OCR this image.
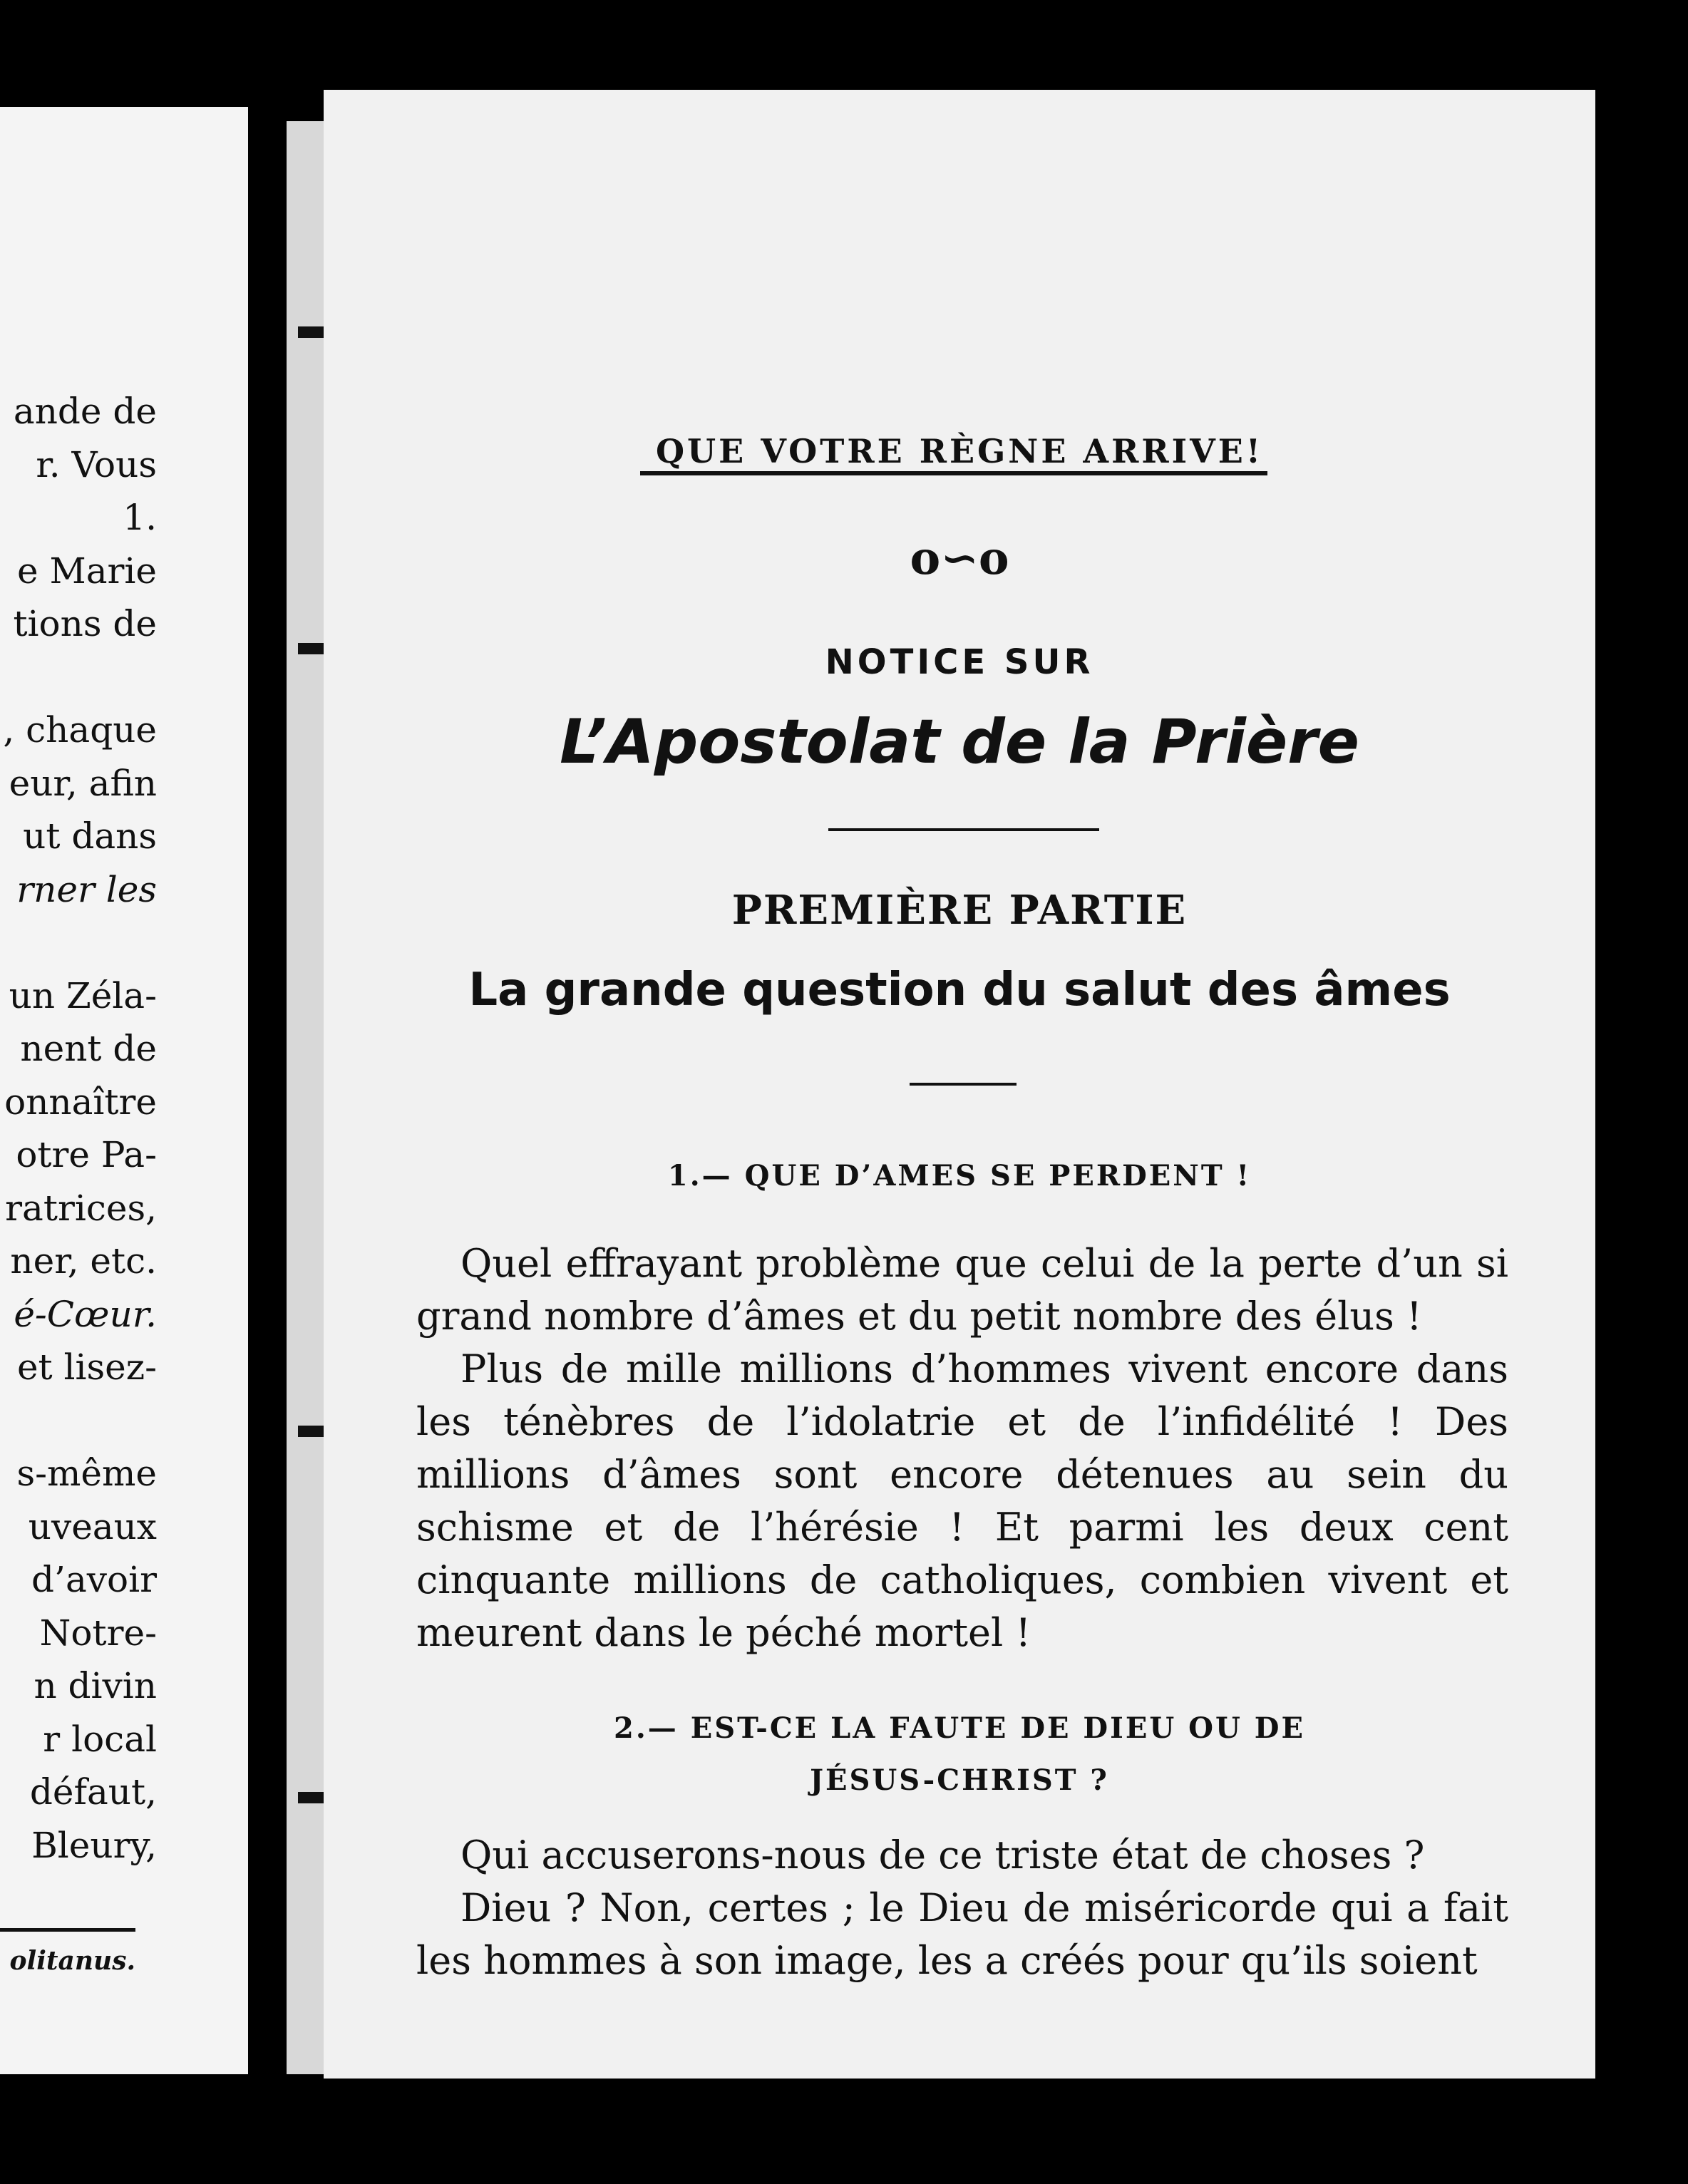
ande de
r. Vous
1.
e Marie
tions de
, chaque
eur, afin
ut dans
rner les
un Zéla-
nent de
onnaître
otre Pa-
ratrices,
ner, etc.
é-Cœur.
et lisez-
s-même
uveaux
d’avoir
Notre-
n divin
r local
défaut,
Bleury,
olitanus.
QUE VOTRE RÈGNE ARRIVE!
o∽o
NOTICE SUR
L’Apostolat de la Prière
PREMIÈRE PARTIE
La grande question du salut des âmes
1.— QUE D’AMES SE PERDENT !

Quel effrayant problème que celui de la perte d’un si grand nombre d’âmes et du petit nombre des élus !

Plus de mille millions d’hommes vivent encore dans les ténèbres de l’idolatrie et de l’infidélité ! Des millions d’âmes sont encore détenues au sein du schisme et de l’hérésie ! Et parmi les deux cent cinquante millions de catholiques, combien vivent et meurent dans le péché mortel !

2.— EST-CE LA FAUTE DE DIEU OU DE
JÉSUS-CHRIST ?

Qui accuserons-nous de ce triste état de choses ?

Dieu ? Non, certes ; le Dieu de miséricorde qui a fait les hommes à son image, les a créés pour qu’ils soient
